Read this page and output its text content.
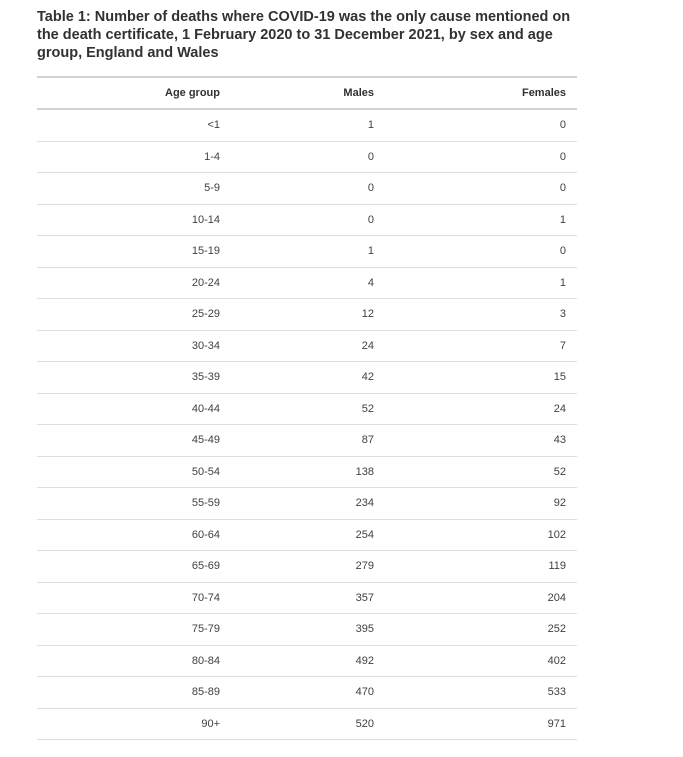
Table 1: Number of deaths where COVID-19 was the only cause mentioned on the death certificate, 1 February 2020 to 31 December 2021, by sex and age group, England and Wales

Age group	Males	Females
<1	1	0
1-4	0	0
5-9	0	0
10-14	0	1
15-19	1	0
20-24	4	1
25-29	12	3
30-34	24	7
35-39	42	15
40-44	52	24
45-49	87	43
50-54	138	52
55-59	234	92
60-64	254	102
65-69	279	119
70-74	357	204
75-79	395	252
80-84	492	402
85-89	470	533
90+	520	971
